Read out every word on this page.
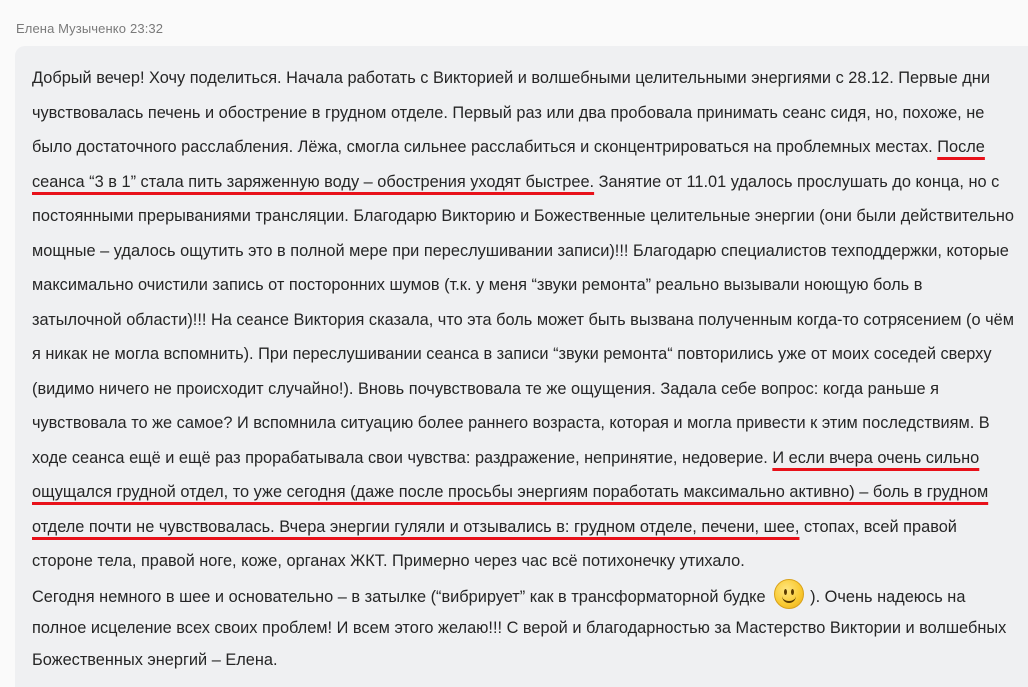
Елена Музыченко 23:32

Добрый вечер! Хочу поделиться. Начала работать с Викторией и волшебными целительными энергиями с 28.12. Первые дни чувствовалась печень и обострение в грудном отделе. Первый раз или два пробовала принимать сеанс сидя, но, похоже, не было достаточного расслабления. Лёжа, смогла сильнее расслабиться и сконцентрироваться на проблемных местах. После сеанса “3 в 1” стала пить заряженную воду – обострения уходят быстрее. Занятие от 11.01 удалось прослушать до конца, но с постоянными прерываниями трансляции. Благодарю Викторию и Божественные целительные энергии (они были действительно мощные – удалось ощутить это в полной мере при переслушивании записи)!!! Благодарю специалистов техподдержки, которые максимально очистили запись от посторонних шумов (т.к. у меня “звуки ремонта” реально вызывали ноющую боль в затылочной области)!!! На сеансе Виктория сказала, что эта боль может быть вызвана полученным когда-то сотрясением (о чём я никак не могла вспомнить). При переслушивании сеанса в записи “звуки ремонта“ повторились уже от моих соседей сверху (видимо ничего не происходит случайно!). Вновь почувствовала те же ощущения. Задала себе вопрос: когда раньше я чувствовала то же самое? И вспомнила ситуацию более раннего возраста, которая и могла привести к этим последствиям. В ходе сеанса ещё и ещё раз прорабатывала свои чувства: раздражение, непринятие, недоверие. И если вчера очень сильно ощущался грудной отдел, то уже сегодня (даже после просьбы энергиям поработать максимально активно) – боль в грудном отделе почти не чувствовалась. Вчера энергии гуляли и отзывались в: грудном отделе, печени, шее, стопах, всей правой стороне тела, правой ноге, коже, органах ЖКТ. Примерно через час всё потихонечку утихало.

Сегодня немного в шее и основательно – в затылке (“вибрирует” как в трансформаторной будке
). Очень надеюсь на полное исцеление всех своих проблем! И всем этого желаю!!! С верой и благодарностью за Мастерство Виктории и волшебных Божественных энергий – Елена.
